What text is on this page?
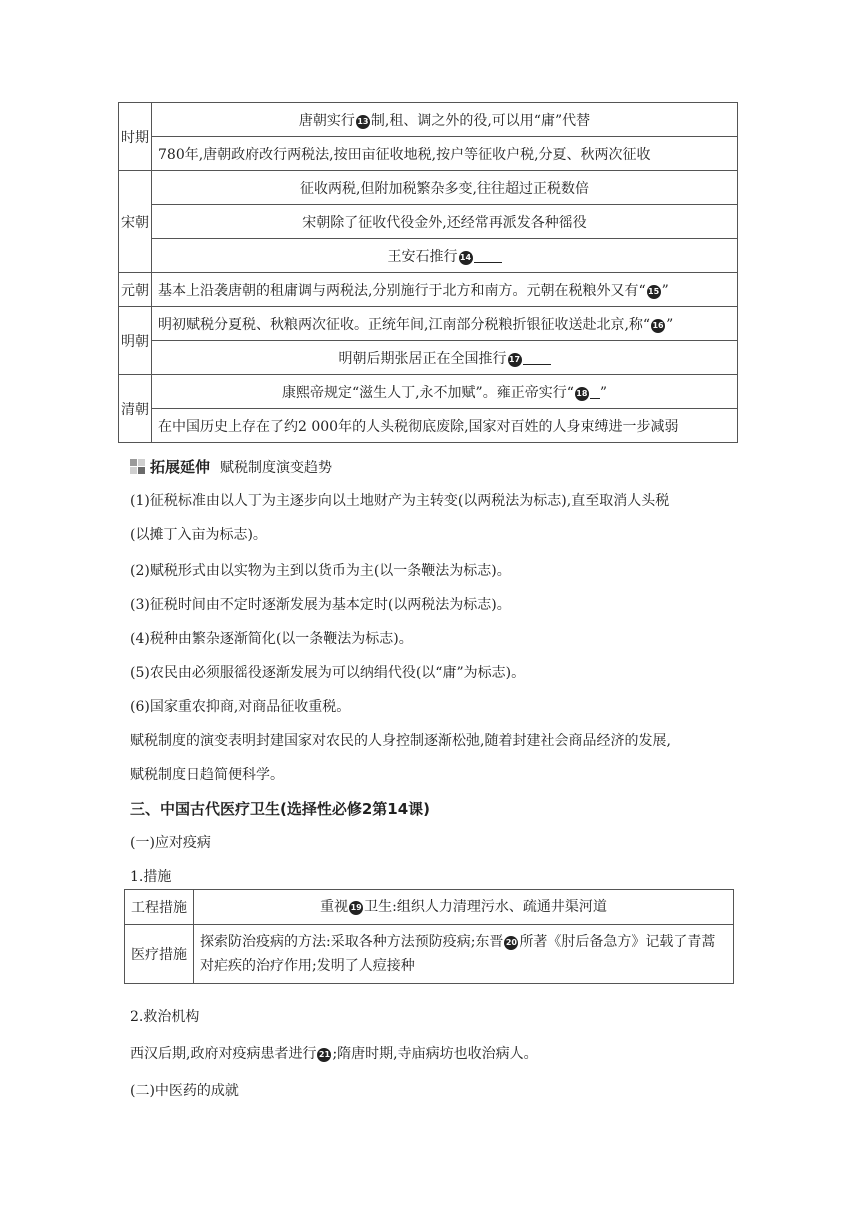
时期	唐朝实行 13 制,租、调之外的役,可以用“庸”代替
	780年,唐朝政府改行两税法,按田亩征收地税,按户等征收户税,分夏、秋两次征收
宋朝	征收两税,但附加税繁杂多变,往往超过正税数倍
	宋朝除了征收代役金外,还经常再派发各种徭役
	王安石推行 14
元朝	基本上沿袭唐朝的租庸调与两税法,分别施行于北方和南方。元朝在税粮外又有“ 15 ”
明朝	明初赋税分夏税、秋粮两次征收。正统年间,江南部分税粮折银征收送赴北京,称“ 16 ”
	明朝后期张居正在全国推行 17
清朝	康熙帝规定“滋生人丁,永不加赋”。雍正帝实行“ 18 ”
	在中国历史上存在了约2 000年的人头税彻底废除,国家对百姓的人身束缚进一步减弱
拓展延伸 赋税制度演变趋势
(1)征税标准由以人丁为主逐步向以土地财产为主转变(以两税法为标志),直至取消人头税
(以摊丁入亩为标志)。
(2)赋税形式由以实物为主到以货币为主(以一条鞭法为标志)。
(3)征税时间由不定时逐渐发展为基本定时(以两税法为标志)。
(4)税种由繁杂逐渐简化(以一条鞭法为标志)。
(5)农民由必须服徭役逐渐发展为可以纳绢代役(以“庸”为标志)。
(6)国家重农抑商,对商品征收重税。
赋税制度的演变表明封建国家对农民的人身控制逐渐松弛,随着封建社会商品经济的发展,
赋税制度日趋简便科学。
三、中国古代医疗卫生(选择性必修2第14课)
(一)应对疫病
1.措施
工程措施	重视 19 卫生:组织人力清理污水、疏通井渠河道
医疗措施	探索防治疫病的方法:采取各种方法预防疫病;东晋 20 所著《肘后备急方》记载了青蒿对疟疾的治疗作用;发明了人痘接种
2.救治机构
西汉后期,政府对疫病患者进行 21 ;隋唐时期,寺庙病坊也收治病人。
(二)中医药的成就
